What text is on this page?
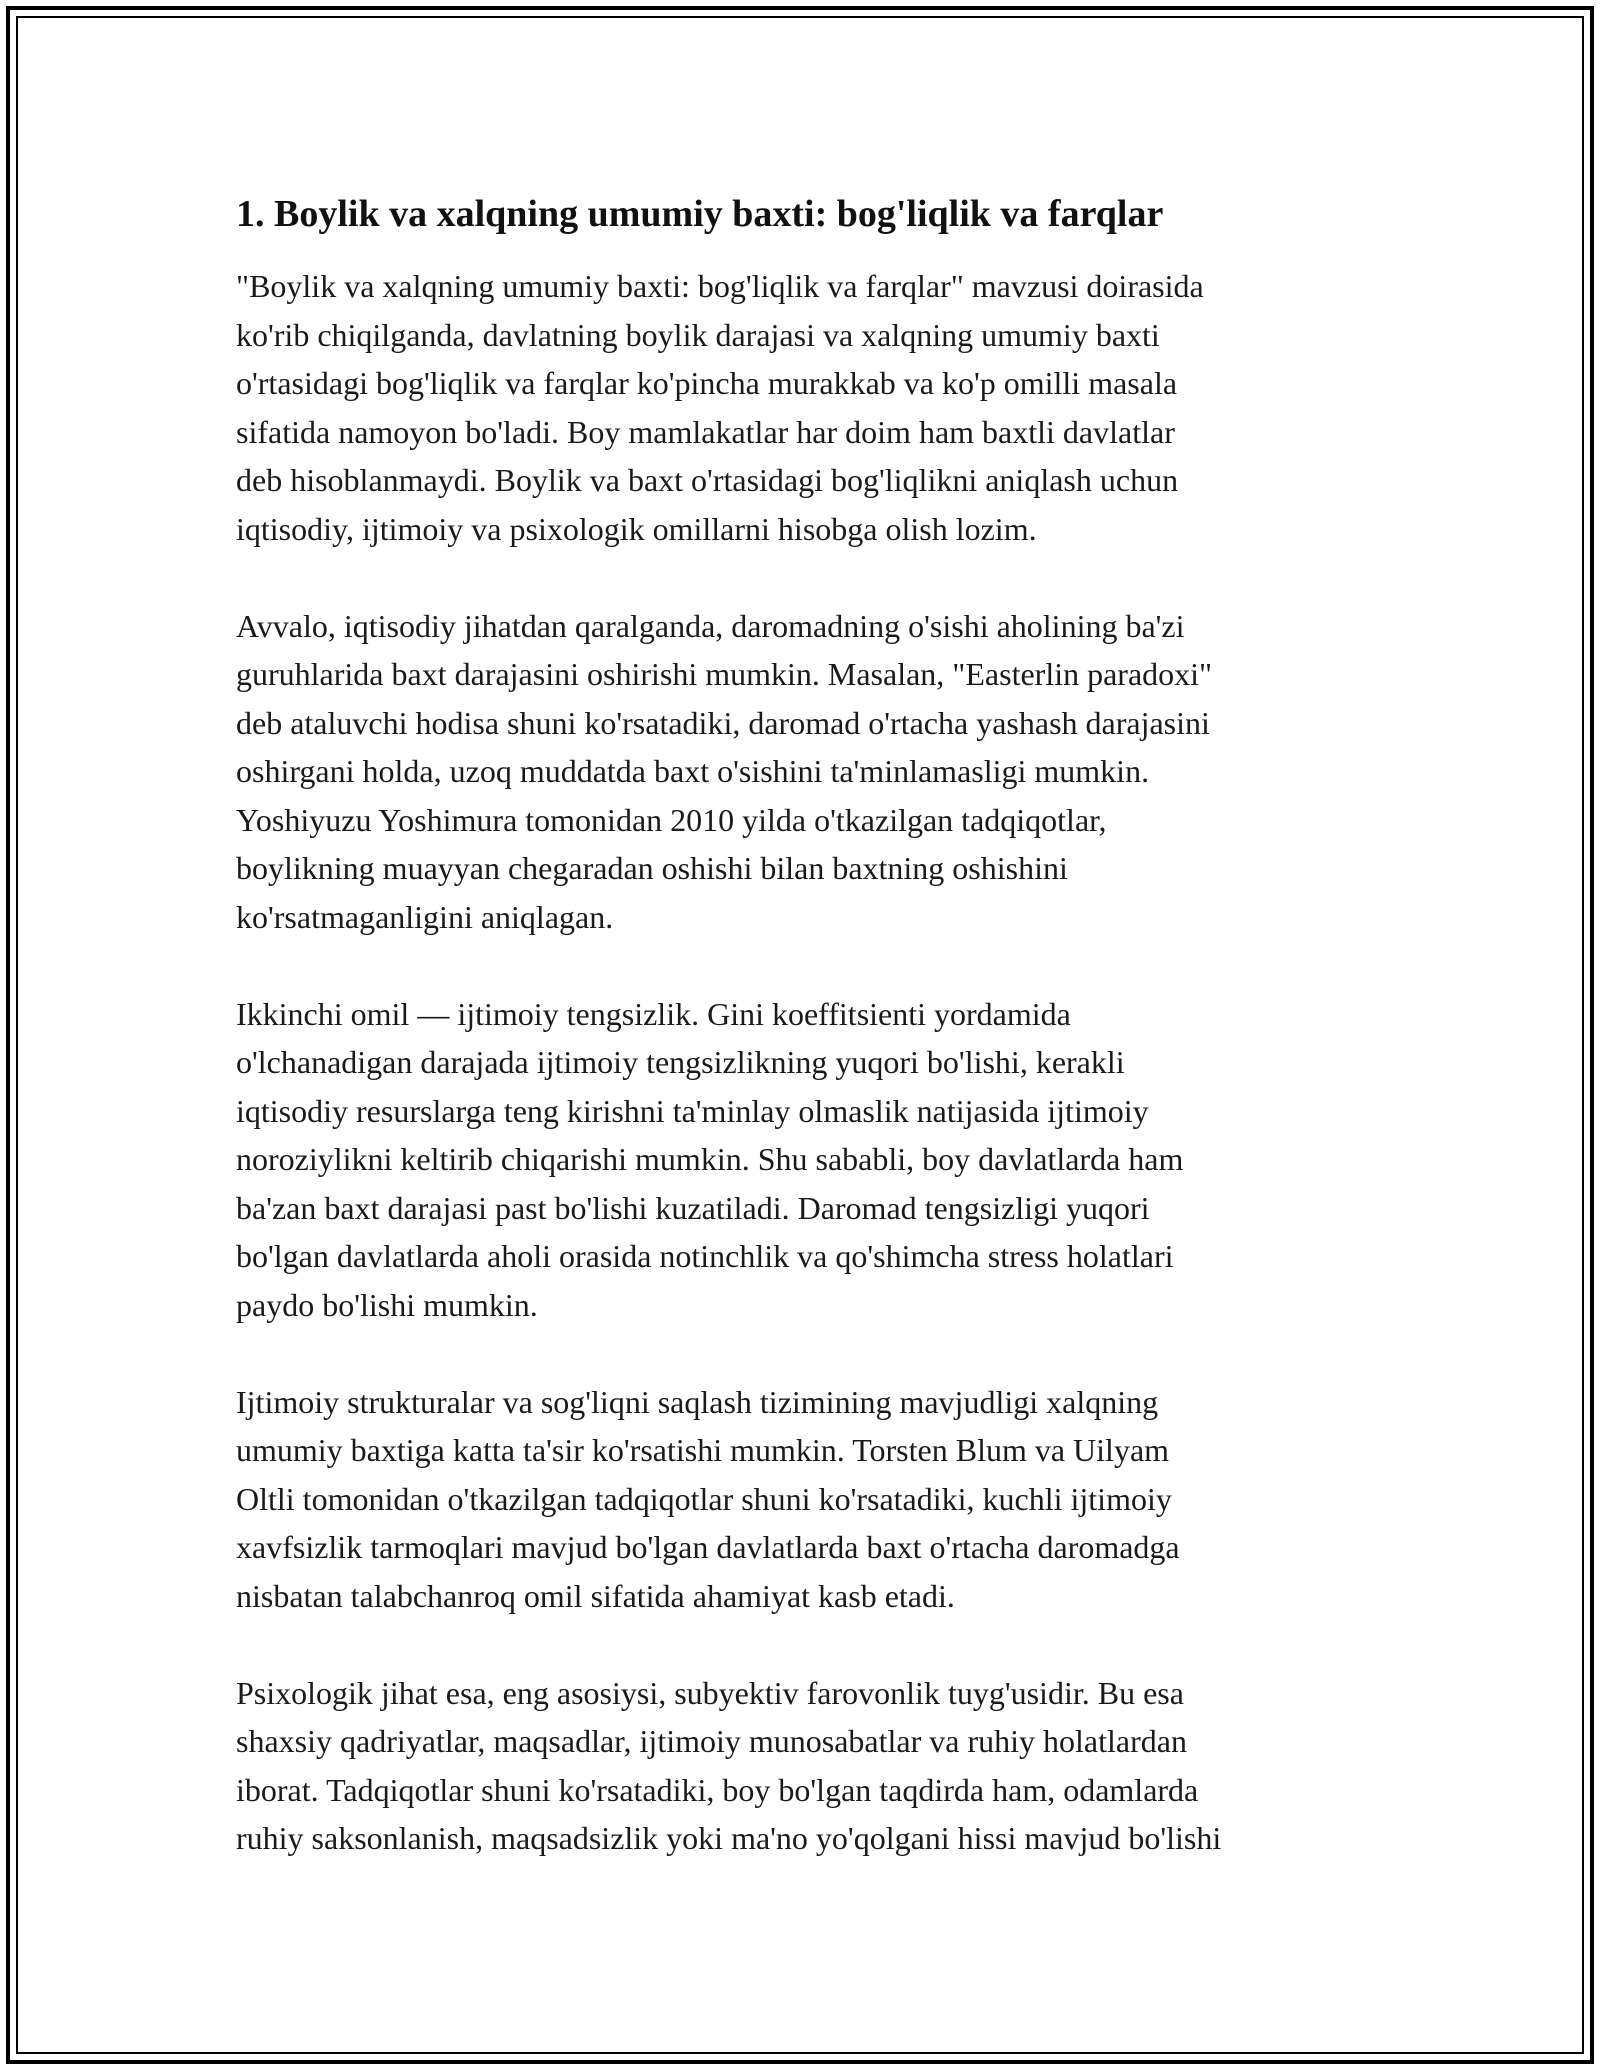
1. Boylik va xalqning umumiy baxti: bog'liqlik va farqlar
"Boylik va xalqning umumiy baxti: bog'liqlik va farqlar" mavzusi doirasida
ko'rib chiqilganda, davlatning boylik darajasi va xalqning umumiy baxti
o'rtasidagi bog'liqlik va farqlar ko'pincha murakkab va ko'p omilli masala
sifatida namoyon bo'ladi. Boy mamlakatlar har doim ham baxtli davlatlar
deb hisoblanmaydi. Boylik va baxt o'rtasidagi bog'liqlikni aniqlash uchun
iqtisodiy, ijtimoiy va psixologik omillarni hisobga olish lozim.
Avvalo, iqtisodiy jihatdan qaralganda, daromadning o'sishi aholining ba'zi
guruhlarida baxt darajasini oshirishi mumkin. Masalan, "Easterlin paradoxi"
deb ataluvchi hodisa shuni ko'rsatadiki, daromad o'rtacha yashash darajasini
oshirgani holda, uzoq muddatda baxt o'sishini ta'minlamasligi mumkin.
Yoshiyuzu Yoshimura tomonidan 2010 yilda o'tkazilgan tadqiqotlar,
boylikning muayyan chegaradan oshishi bilan baxtning oshishini
ko'rsatmaganligini aniqlagan.
Ikkinchi omil — ijtimoiy tengsizlik. Gini koeffitsienti yordamida
o'lchanadigan darajada ijtimoiy tengsizlikning yuqori bo'lishi, kerakli
iqtisodiy resurslarga teng kirishni ta'minlay olmaslik natijasida ijtimoiy
noroziylikni keltirib chiqarishi mumkin. Shu sababli, boy davlatlarda ham
ba'zan baxt darajasi past bo'lishi kuzatiladi. Daromad tengsizligi yuqori
bo'lgan davlatlarda aholi orasida notinchlik va qo'shimcha stress holatlari
paydo bo'lishi mumkin.
Ijtimoiy strukturalar va sog'liqni saqlash tizimining mavjudligi xalqning
umumiy baxtiga katta ta'sir ko'rsatishi mumkin. Torsten Blum va Uilyam
Oltli tomonidan o'tkazilgan tadqiqotlar shuni ko'rsatadiki, kuchli ijtimoiy
xavfsizlik tarmoqlari mavjud bo'lgan davlatlarda baxt o'rtacha daromadga
nisbatan talabchanroq omil sifatida ahamiyat kasb etadi.
Psixologik jihat esa, eng asosiysi, subyektiv farovonlik tuyg'usidir. Bu esa
shaxsiy qadriyatlar, maqsadlar, ijtimoiy munosabatlar va ruhiy holatlardan
iborat. Tadqiqotlar shuni ko'rsatadiki, boy bo'lgan taqdirda ham, odamlarda
ruhiy saksonlanish, maqsadsizlik yoki ma'no yo'qolgani hissi mavjud bo'lishi
